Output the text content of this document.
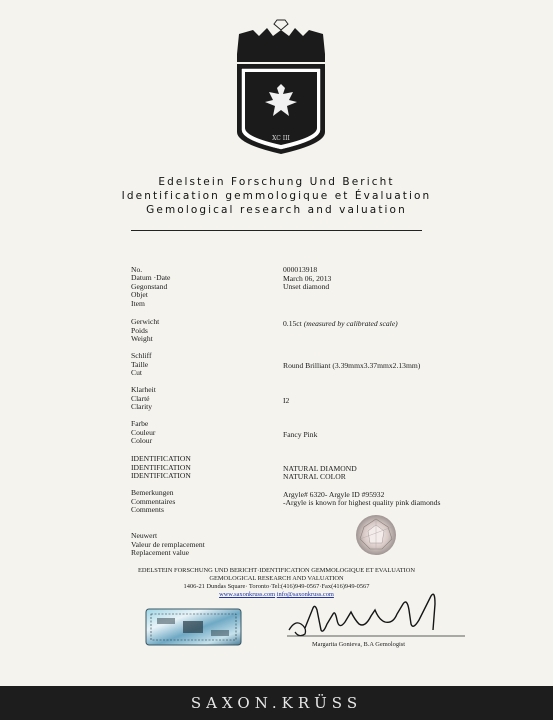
XC III
Edelstein Forschung Und Bericht
Identification gemmologique et Évaluation
Gemological research and valuation
No.
Datum ·Date
Gegonstand
Objet
Item
000013918
March 06, 2013
Unset diamond
Gerwicht
Poids
Weight
0.15ct (measured by calibrated scale)
Schliff
Taille
Cut
Round Brilliant (3.39mmx3.37mmx2.13mm)
Klarheit
Clarté
Clarity
I2
Farbe
Couleur
Colour
Fancy Pink
IDENTIFICATION
IDENTIFICATION
IDENTIFICATION
NATURAL DIAMOND
NATURAL COLOR
Bemerkungen
Commentaires
Comments
Argyle# 6320- Argyle ID #95932
-Argyle is known for highest quality pink diamonds
Neuwert
Valeur de remplacement
Replacement value
EDELSTEIN FORSCHUNG UND BERICHT·IDENTIFICATION GEMMOLOGIQUE ET EVALUATION
GEMOLOGICAL RESEARCH AND VALUATION
1406-21 Dundas Square· Toronto·Tel:(416)949-0567·Fax(416)949-0567
www.saxonkruss.com info@saxonkruss.com
Margarita Gonieva, B.A Gemologist
SAXON.KRÜSS
